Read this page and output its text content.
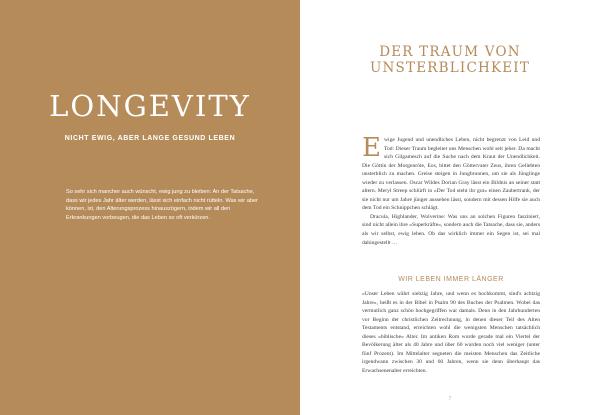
LONGEVITY
NICHT EWIG, ABER LANGE GESUND LEBEN

So sehr sich mancher auch wünscht, ewig jung zu bleiben: An der Tatsache, dass wir jedes Jahr älter werden, lässt sich einfach nicht rütteln. Was wir aber können, ist, den Alterungsprozess hinauszögern, indem wir all den Erkrankungen vorbeugen, die das Leben so oft verkürzen.

DER TRAUM VON
UNSTERBLICHKEIT

Ewige Jugend und unendliches Leben, nicht begrenzt von Leid und Tod: Dieser Traum begleitet uns Menschen wohl seit jeher. Da macht sich Gilgamesch auf die Suche nach dem Kraut der Unendlichkeit. Die Göttin der Morgenröte, Eos, bittet den Göttervater Zeus, ihren Geliebten unsterblich zu machen. Greise steigen in Jungbrunnen, um sie als Jünglinge wieder zu verlassen. Oscar Wildes Dorian Gray lässt ein Bildnis an seiner statt altern. Meryl Streep schlürft in »Der Tod steht ihr gut« einen Zaubertrank, der sie nicht nur um Jahre jünger aussehen lässt, sondern mit dessen Hilfe sie auch dem Tod ein Schnippchen schlägt.

Dracula, Highlander, Wolverine: Was uns an solchen Figuren fasziniert, sind nicht allein ihre »Superkräfte«, sondern auch die Tatsache, dass sie, anders als wir selbst, ewig leben. Ob das wirklich immer ein Segen ist, sei mal dahingestellt …

WIR LEBEN IMMER LÄNGER

»Unser Leben währt siebzig Jahre, und wenn es hochkommt, sind's achtzig Jahre«, heißt es in der Bibel in Psalm 90 des Buches der Psalmen. Wobei das vermutlich ganz schön hochgegriffen war damals. Denn in den Jahrhunderten vor Beginn der christlichen Zeitrechnung, in denen dieser Teil des Alten Testaments entstand, erreichten wohl die wenigsten Menschen tatsächlich dieses »biblische« Alter. Im antiken Rom wurde gerade mal ein Viertel der Bevölkerung älter als 40 Jahre und über 60 wurden noch viel weniger (unter fünf Prozent). Im Mittelalter segneten die meisten Menschen das Zeitliche irgendwann zwischen 30 und 60 Jahren, wenn sie denn überhaupt das Erwachsenenalter erreichten.

7
